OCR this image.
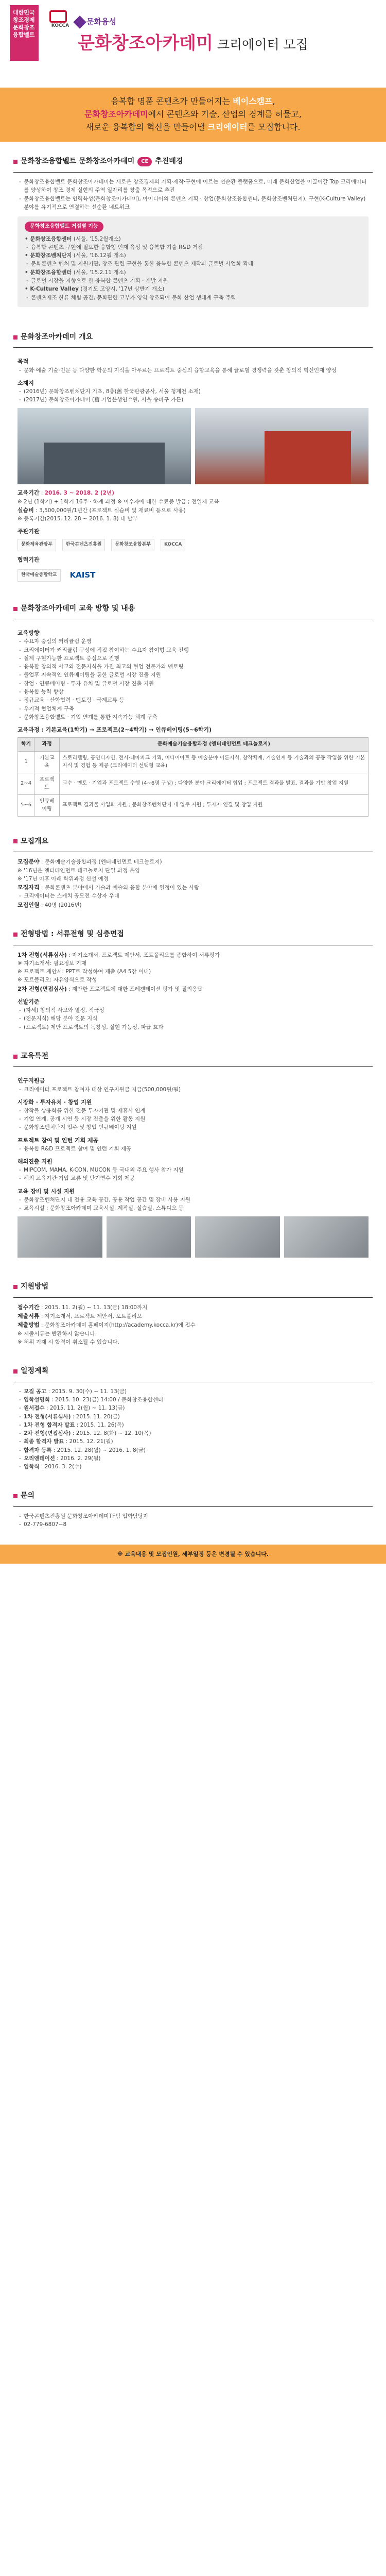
대한민국 창조경제 문화창조 융합벨트
KOCCA	문화융성
문화창조아카데미 크리에이터 모집
융복합 명품 콘텐츠가 만들어지는 베이스캠프,
문화창조아카데미에서 콘텐츠와 기술, 산업의 경계를 허물고,
새로운 융복합의 혁신을 만들어낼 크리에이터를 모집합니다.
문화창조융합벨트 문화창조아카데미	CE 추진배경

- 문화창조융합벨트 문화창조아카데미는 새로운 창조경제의 기획·제작·구현에 이르는 선순환 플랫폼으로, 미래 문화산업을 이끌어갈 Top 크리에이터를 양성하여 창조 경제 실현의 주역 일자리를 창출 목적으로 추진

- 문화창조융합벨트는 인력육성(문화창조아카데미), 아이디어의 콘텐츠 기획 · 창업(문화창조융합센터, 문화창조벤처단지), 구현(K-Culture Valley) 분야를 유기적으로 연결하는 선순환 네트워크

문화창조융합벨트 거점별 기능

• 문화창조융합센터 (서울, '15.2월개소)

- 융복합 콘텐츠 구현에 필요한 융합형 인재 육성 및 융복합 기술 R&D 거점

• 문화창조벤처단지 (서울, '16.12월 개소)

- 문화콘텐츠 벤처 및 지원기관, 창조 관련 구현을 통한 융복합 콘텐츠 제작과 글로벌 사업화 확대

• 문화창조융합센터 (서울, '15.2.11 개소)

- 글로벌 시장을 지향으로 한 융복합 콘텐츠 기획 · 개발 지원

• K-Culture Valley (경기도 고양시, '17년 상반기 개소)

- 콘텐츠제조 한류 체험 공간, 문화관련 고부가 영역 창조되어 문화 산업 생태계 구축 주력

문화창조아카데미 개요
목적

- 문화·예술 기술·인문 등 다양한 학문의 지식을 아우르는 프로젝트 중심의 융합교육을 통해 글로벌 경쟁력을 갖춘 창의적 혁신인재 양성

소재지

- (2016년) 문화창조벤처단지 기초, 8층(舊 한국관광공사, 서울 청계천 소재)

- (2017년) 문화창조아카데미 (舊 기업은행연수원, 서울 송파구 가든)

교육기간 : 2016. 3 ~ 2018. 2 (2년)

※ 2년 (1학기) + 1학기 16주 · 하계 과정 ※ 이수자에 대한 수료증 발급 ; 전일제 교육

실습비 : 3,500,000원/1년간 (프로젝트 실습비 및 재료비 등으로 사용)

※ 등록기간(2015. 12. 28 ~ 2016. 1. 8) 내 납부

주관기관
문화체육관광부	한국콘텐츠진흥원	문화창조융합본부	KOCCA
협력기관
한국예술종합학교	KAIST
문화창조아카데미 교육 방향 및 내용
교육방향

- 수요자 중심의 커리큘럼 운영

- 크리에이터가 커리큘럼 구성에 직접 참여하는 수요자 참여형 교육 진행

- 실제 구현가능한 프로젝트 중심으로 진행

- 융복합 창의적 사고와 전문지식을 가진 최고의 현업 전문가와 멘토링

- 졸업후 지속적인 인큐베이팅을 통한 글로벌 시장 진출 지원

- 창업 · 인큐베이팅 · 투자 유치 및 글로벌 시장 진출 지원

- 융복합 능력 향상

- 정규교육 · 산학협력 · 멘토링 · 국제교류 등

- 우기적 협업체계 구축

- 문화창조융합벨트 · 기업 연계를 통한 지속가능 체계 구축

교육과정 : 기본교육(1학기) → 프로젝트(2~4학기) → 인큐베이팅(5~6학기)
학기	과정	문화예술기술융합과정 (엔터테인먼트 테크놀로지)
1	기본교육	스토리텔링, 공연디자인, 전시·테마파크 기획, 미디어아트 등 예술분야 이론지식, 창작체계, 기술연계 등 기술과의 공동 작업을 위한 기본 지식 및 경험 등 제공 (크리에이터 선택형 교육)
2~4	프로젝트	교수 · 멘토 · 기업과 프로젝트 수행 (4~6명 구성) ; 다양한 분야 크리에이터 협업 ; 프로젝트 결과물 발표, 결과물 기반 창업 지원
5~6	인큐베이팅	프로젝트 결과물 사업화 지원 ; 문화창조벤처단지 내 입주 지원 ; 투자자 연결 및 창업 지원
모집개요

모집분야 : 문화예술기술융합과정 (엔터테인먼트 테크놀로지)

※ '16년은 엔터테인먼트 테크놀로지 단일 과정 운영

※ '17년 이후 아래 학위과정 신설 예정

모집자격 : 문화콘텐츠 분야에서 기술과 예술의 융합 분야에 열정이 있는 사람

- 크리에이터는 스케치 공모전 수상자 우대

모집인원 : 40명 (2016년)

전형방법 : 서류전형 및 심층면접

1차 전형(서류심사) : 자기소개서, 프로젝트 제안서, 포트폴리오를 종합하여 서류평가

※ 자기소개서: 필요정보 기재

※ 프로젝트 제안서: PPT로 작성하여 제출 (A4 5장 이내)

※ 포트폴리오: 자유양식으로 작성

2차 전형(면접심사) : 제안한 프로젝트에 대한 프레젠테이션 평가 및 질의응답

선발기준

- (자세) 창의적 사고와 열정, 적극성

- (전문지식) 해당 분야 전문 지식

- (프로젝트) 제안 프로젝트의 독창성, 실현 가능성, 파급 효과

교육특전
연구지원금

- 크리에이터 프로젝트 참여자 대상 연구지원금 지급(500,000원/월)

시장화 · 투자유치 · 창업 지원

- 창작물 상용화를 위한 전문 투자기관 및 제휴사 연계

- 기업 연계, 공개 시연 등 시장 진출을 위한 활동 지원

- 문화창조벤처단지 입주 및 창업 인큐베이팅 지원

프로젝트 참여 및 인턴 기회 제공

- 융복합 R&D 프로젝트 참여 및 인턴 기회 제공

해외진출 지원

- MIPCOM, MAMA, K-CON, MUCON 등 국내외 주요 행사 참가 지원

- 해외 교육기관·기업 교류 및 단기연수 기회 제공

교육 장비 및 시설 지원

- 문화창조벤처단지 내 전용 교육 공간, 공용 작업 공간 및 장비 사용 지원

- 교육시설 : 문화창조아카데미 교육시설, 제작실, 실습실, 스튜디오 등

지원방법

접수기간 : 2015. 11. 2(월) ~ 11. 13(금) 18:00까지

제출서류 : 자기소개서, 프로젝트 제안서, 포트폴리오

제출방법 : 문화창조아카데미 홈페이지(http://academy.kocca.kr)에 접수

※ 제출서류는 반환하지 않습니다.

※ 허위 기재 시 합격이 취소될 수 있습니다.

일정계획

- 모집 공고 : 2015. 9. 30(수) ~ 11. 13(금)

- 입학설명회 : 2015. 10. 23(금) 14:00 / 문화창조융합센터

- 원서접수 : 2015. 11. 2(월) ~ 11. 13(금)

- 1차 전형(서류심사) : 2015. 11. 20(금)

- 1차 전형 합격자 발표 : 2015. 11. 26(목)

- 2차 전형(면접심사) : 2015. 12. 8(화) ~ 12. 10(목)

- 최종 합격자 발표 : 2015. 12. 21(월)

- 합격자 등록 : 2015. 12. 28(월) ~ 2016. 1. 8(금)

- 오리엔테이션 : 2016. 2. 29(월)

- 입학식 : 2016. 3. 2(수)

문의

- 한국콘텐츠진흥원 문화창조아카데미TF팀 입학담당자

- 02-779-6807~8

※ 교육내용 및 모집인원, 세부일정 등은 변경될 수 있습니다.
